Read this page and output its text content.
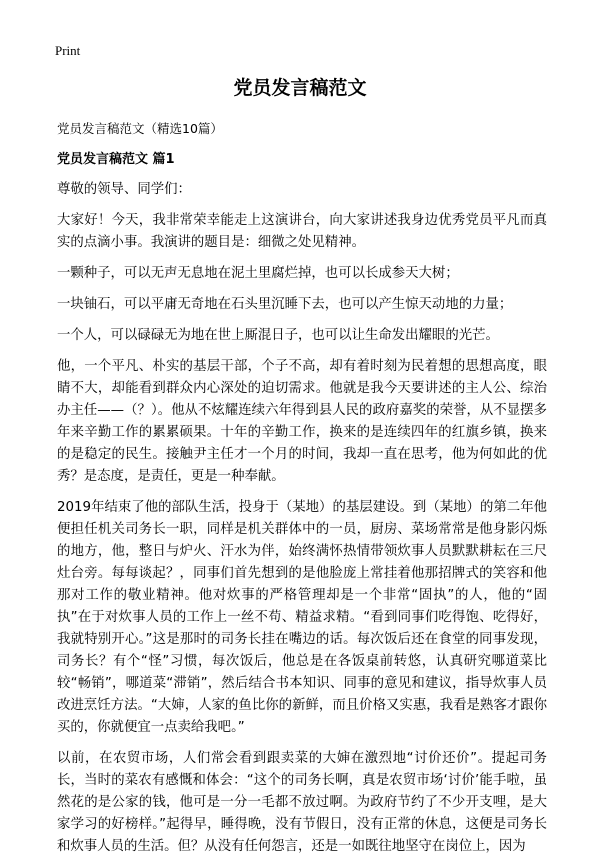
Print
党员发言稿范文
党员发言稿范文（精选10篇）
党员发言稿范文 篇1

尊敬的领导、同学们：

大家好！今天，我非常荣幸能走上这演讲台，向大家讲述我身边优秀党员平凡而真实的点滴小事。我演讲的题目是：细微之处见精神。

一颗种子，可以无声无息地在泥土里腐烂掉，也可以长成参天大树；

一块铀石，可以平庸无奇地在石头里沉睡下去，也可以产生惊天动地的力量；

一个人，可以碌碌无为地在世上厮混日子，也可以让生命发出耀眼的光芒。

他，一个平凡、朴实的基层干部，个子不高，却有着时刻为民着想的思想高度，眼睛不大，却能看到群众内心深处的迫切需求。他就是我今天要讲述的主人公、综治办主任——（？）。他从不炫耀连续六年得到县人民的政府嘉奖的荣誉，从不显摆多年来辛勤工作的累累硕果。十年的辛勤工作，换来的是连续四年的红旗乡镇，换来的是稳定的民生。接触尹主任才一个月的时间，我却一直在思考，他为何如此的优秀？是态度，是责任，更是一种奉献。

2019年结束了他的部队生活，投身于（某地）的基层建设。到（某地）的第二年他便担任机关司务长一职，同样是机关群体中的一员，厨房、菜场常常是他身影闪烁的地方，他，整日与炉火、汗水为伴，始终满怀热情带领炊事人员默默耕耘在三尺灶台旁。每每谈起？，同事们首先想到的是他脸庞上常挂着他那招牌式的笑容和他那对工作的敬业精神。他对炊事的严格管理却是一个非常“固执”的人，他的“固执”在于对炊事人员的工作上一丝不苟、精益求精。“看到同事们吃得饱、吃得好，我就特别开心。”这是那时的司务长挂在嘴边的话。每次饭后还在食堂的同事发现，司务长？有个“怪”习惯，每次饭后，他总是在各饭桌前转悠，认真研究哪道菜比较“畅销”，哪道菜“滞销”，然后结合书本知识、同事的意见和建议，指导炊事人员改进烹饪方法。“大婶，人家的鱼比你的新鲜，而且价格又实惠，我看是熟客才跟你买的，你就便宜一点卖给我吧。”

以前，在农贸市场，人们常会看到跟卖菜的大婶在激烈地“讨价还价”。提起司务长，当时的菜农有感慨和体会：“这个的司务长啊，真是农贸市场‘讨价’能手啦，虽然花的是公家的钱，他可是一分一毛都不放过啊。为政府节约了不少开支哩，是大家学习的好榜样。”起得早，睡得晚，没有节假日，没有正常的休息，这便是司务长和炊事人员的生活。但？从没有任何怨言，还是一如既往地坚守在岗位上，因为
